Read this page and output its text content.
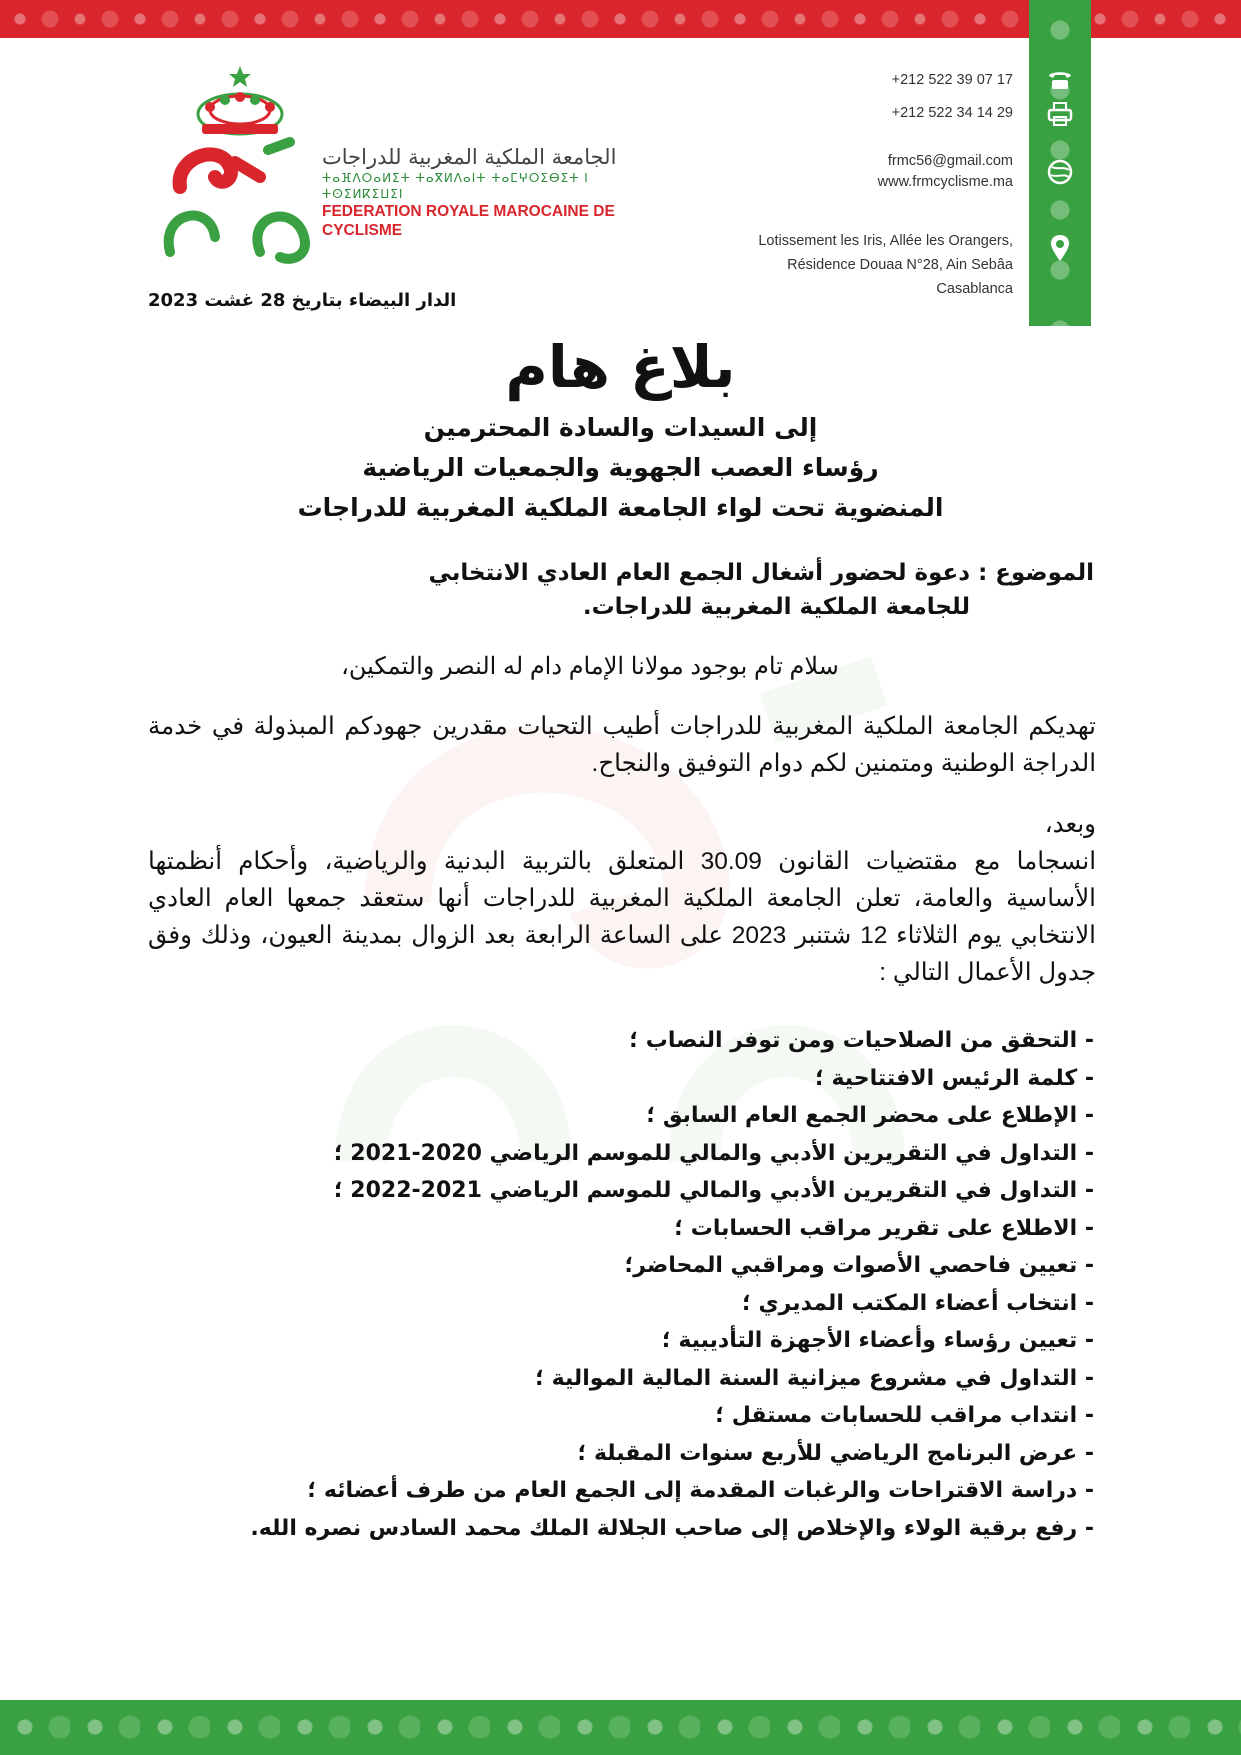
الجامعة الملكية المغربية للدراجات
ⵜⴰⴼⴷⵔⴰⵍⵉⵜ ⵜⴰⴳⵍⴷⴰⵏⵜ ⵜⴰⵎⵖⵔⵉⴱⵉⵜ ⵏ ⵜⵙⵉⵍⴽⵉⵡⵉⵏ
FEDERATION ROYALE MAROCAINE DE CYCLISME
+212 522 39 07 17
+212 522 34 14 29
frmc56@gmail.com
www.frmcyclisme.ma
Lotissement les Iris, Allée les Orangers,
Résidence Douaa N°28, Ain Sebâa
Casablanca
الدار البيضاء بتاريخ 28 غشت 2023
بلاغ هام
إلى السيدات والسادة المحترمين
رؤساء العصب الجهوية والجمعيات الرياضية
المنضوية تحت لواء الجامعة الملكية المغربية للدراجات
الموضوع : دعوة لحضور أشغال الجمع العام العادي الانتخابي
للجامعة الملكية المغربية للدراجات.
سلام تام بوجود مولانا الإمام دام له النصر والتمكين،
تهديكم الجامعة الملكية المغربية للدراجات أطيب التحيات مقدرين جهودكم المبذولة في خدمة الدراجة الوطنية ومتمنين لكم دوام التوفيق والنجاح.
وبعد،
انسجاما مع مقتضيات القانون 30.09 المتعلق بالتربية البدنية والرياضية، وأحكام أنظمتها الأساسية والعامة، تعلن الجامعة الملكية المغربية للدراجات أنها ستعقد جمعها العام العادي الانتخابي يوم الثلاثاء 12 شتنبر 2023 على الساعة الرابعة بعد الزوال بمدينة العيون، وذلك وفق جدول الأعمال التالي :
- التحقق من الصلاحيات ومن توفر النصاب ؛
- كلمة الرئيس الافتتاحية ؛
- الإطلاع على محضر الجمع العام السابق ؛
- التداول في التقريرين الأدبي والمالي للموسم الرياضي 2020-2021 ؛
- التداول في التقريرين الأدبي والمالي للموسم الرياضي 2021-2022 ؛
- الاطلاع على تقرير مراقب الحسابات ؛
- تعيين فاحصي الأصوات ومراقبي المحاضر؛
- انتخاب أعضاء المكتب المديري ؛
- تعيين رؤساء وأعضاء الأجهزة التأديبية ؛
- التداول في مشروع ميزانية السنة المالية الموالية ؛
- انتداب مراقب للحسابات مستقل ؛
- عرض البرنامج الرياضي للأربع سنوات المقبلة ؛
- دراسة الاقتراحات والرغبات المقدمة إلى الجمع العام من طرف أعضائه ؛
- رفع برقية الولاء والإخلاص إلى صاحب الجلالة الملك محمد السادس نصره الله.
